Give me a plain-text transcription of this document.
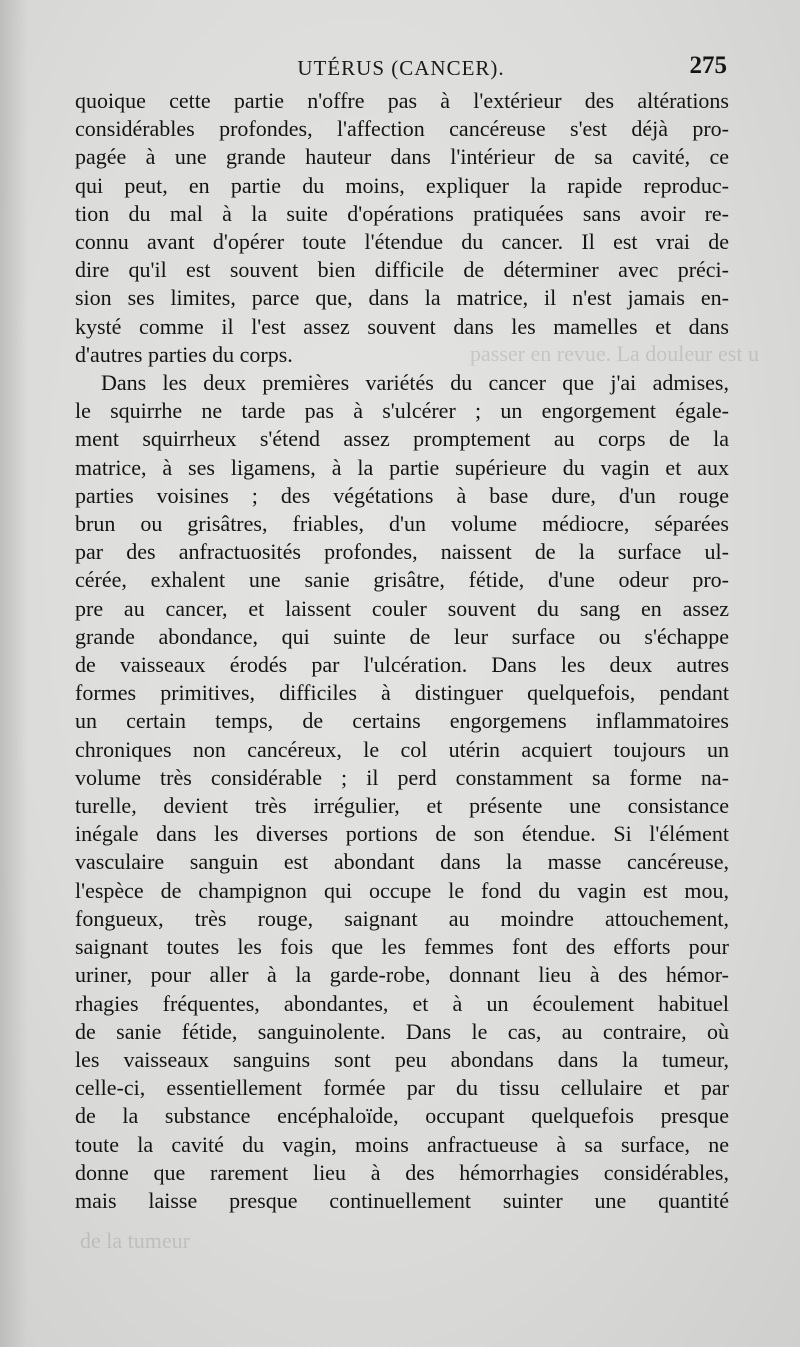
passer en revue. La douleur est u
de la tumeur
UTÉRUS (CANCER).	275
quoique cette partie n'offre pas à l'extérieur des altérations
considérables profondes, l'affection cancéreuse s'est déjà pro-
pagée à une grande hauteur dans l'intérieur de sa cavité, ce
qui peut, en partie du moins, expliquer la rapide reproduc-
tion du mal à la suite d'opérations pratiquées sans avoir re-
connu avant d'opérer toute l'étendue du cancer. Il est vrai de
dire qu'il est souvent bien difficile de déterminer avec préci-
sion ses limites, parce que, dans la matrice, il n'est jamais en-
kysté comme il l'est assez souvent dans les mamelles et dans
d'autres parties du corps.
Dans les deux premières variétés du cancer que j'ai admises,
le squirrhe ne tarde pas à s'ulcérer ; un engorgement égale-
ment squirrheux s'étend assez promptement au corps de la
matrice, à ses ligamens, à la partie supérieure du vagin et aux
parties voisines ; des végétations à base dure, d'un rouge
brun ou grisâtres, friables, d'un volume médiocre, séparées
par des anfractuosités profondes, naissent de la surface ul-
cérée, exhalent une sanie grisâtre, fétide, d'une odeur pro-
pre au cancer, et laissent couler souvent du sang en assez
grande abondance, qui suinte de leur surface ou s'échappe
de vaisseaux érodés par l'ulcération. Dans les deux autres
formes primitives, difficiles à distinguer quelquefois, pendant
un certain temps, de certains engorgemens inflammatoires
chroniques non cancéreux, le col utérin acquiert toujours un
volume très considérable ; il perd constamment sa forme na-
turelle, devient très irrégulier, et présente une consistance
inégale dans les diverses portions de son étendue. Si l'élément
vasculaire sanguin est abondant dans la masse cancéreuse,
l'espèce de champignon qui occupe le fond du vagin est mou,
fongueux, très rouge, saignant au moindre attouchement,
saignant toutes les fois que les femmes font des efforts pour
uriner, pour aller à la garde-robe, donnant lieu à des hémor-
rhagies fréquentes, abondantes, et à un écoulement habituel
de sanie fétide, sanguinolente. Dans le cas, au contraire, où
les vaisseaux sanguins sont peu abondans dans la tumeur,
celle-ci, essentiellement formée par du tissu cellulaire et par
de la substance encéphaloïde, occupant quelquefois presque
toute la cavité du vagin, moins anfractueuse à sa surface, ne
donne que rarement lieu à des hémorrhagies considérables,
mais laisse presque continuellement suinter une quantité
